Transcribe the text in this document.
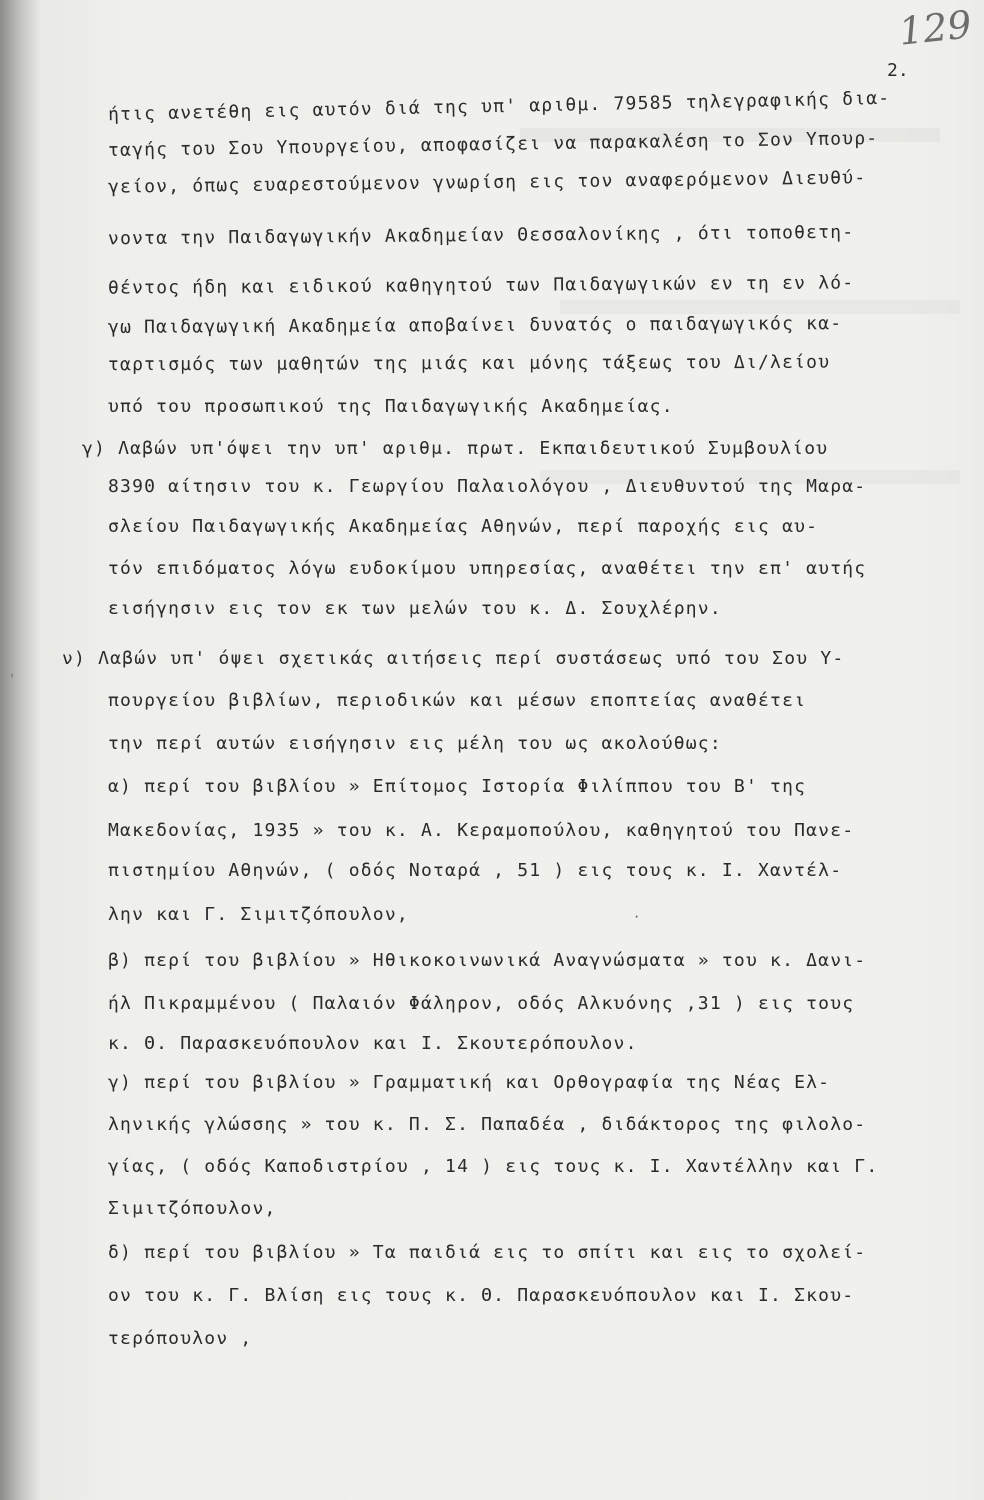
129
2.
ήτις ανετέθη εις αυτόν διά της υπ' αριθμ. 79585 τηλεγραφικής δια-
ταγής του Σου Υπουργείου, αποφασίζει να παρακαλέση το Σον Υπουρ-
γείον, όπως ευαρεστούμενον γνωρίση εις τον αναφερόμενον Διευθύ-
νοντα την Παιδαγωγικήν Ακαδημείαν Θεσσαλονίκης , ότι τοποθετη-
θέντος ήδη και ειδικού καθηγητού των Παιδαγωγικών εν τη εν λό-
γω Παιδαγωγική Ακαδημεία αποβαίνει δυνατός ο παιδαγωγικός κα-
ταρτισμός των μαθητών της μιάς και μόνης τάξεως του Δι/λείου
υπό του προσωπικού της Παιδαγωγικής Ακαδημείας.
γ) Λαβών υπ'όψει την υπ' αριθμ. πρωτ. Εκπαιδευτικού Συμβουλίου
8390 αίτησιν του κ. Γεωργίου Παλαιολόγου , Διευθυντού της Μαρα-
σλείου Παιδαγωγικής Ακαδημείας Αθηνών, περί παροχής εις αυ-
τόν επιδόματος λόγω ευδοκίμου υπηρεσίας, αναθέτει την επ' αυτής
εισήγησιν εις τον εκ των μελών του κ. Δ. Σουχλέρην.
ν) Λαβών υπ' όψει σχετικάς αιτήσεις περί συστάσεως υπό του Σου Υ-
πουργείου βιβλίων, περιοδικών και μέσων εποπτείας αναθέτει
την περί αυτών εισήγησιν εις μέλη του ως ακολούθως:
α) περί του βιβλίου » Επίτομος Ιστορία Φιλίππου του Β' της
Μακεδονίας, 1935 » του κ. Α. Κεραμοπούλου, καθηγητού του Πανε-
πιστημίου Αθηνών, ( οδός Νοταρά , 51 ) εις τους κ. Ι. Χαντέλ-
λην και Γ. Σιμιτζόπουλον,
β) περί του βιβλίου » Ηθικοκοινωνικά Αναγνώσματα » του κ. Δανι-
ήλ Πικραμμένου ( Παλαιόν Φάληρον, οδός Αλκυόνης ,31 ) εις τους
κ. Θ. Παρασκευόπουλον και Ι. Σκουτερόπουλον.
γ) περί του βιβλίου » Γραμματική και Ορθογραφία της Νέας Ελ-
ληνικής γλώσσης » του κ. Π. Σ. Παπαδέα , διδάκτορος της φιλολο-
γίας, ( οδός Καποδιστρίου , 14 ) εις τους κ. Ι. Χαντέλλην και Γ.
Σιμιτζόπουλον,
δ) περί του βιβλίου » Τα παιδιά εις το σπίτι και εις το σχολεί-
ον του κ. Γ. Βλίση εις τους κ. Θ. Παρασκευόπουλον και Ι. Σκου-
τερόπουλον ,
'
·
